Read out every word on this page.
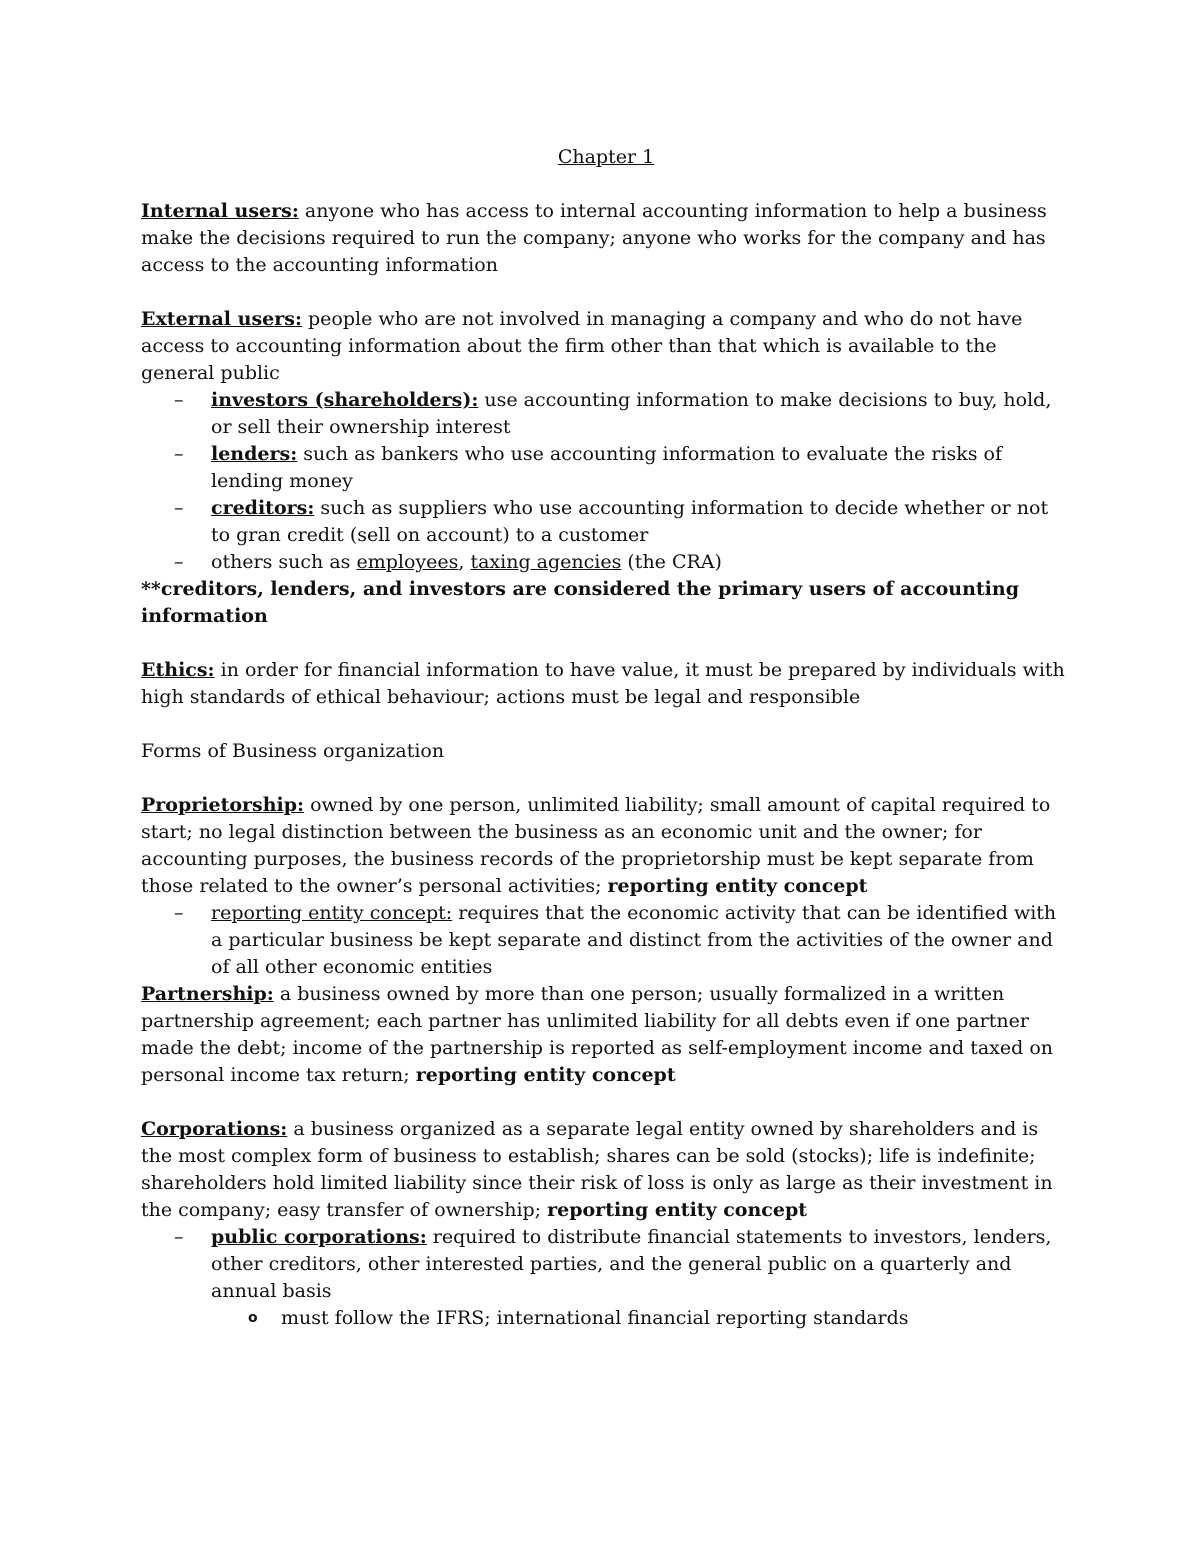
Chapter 1

Internal users: anyone who has access to internal accounting information to help a business make the decisions required to run the company; anyone who works for the company and has access to the accounting information

External users: people who are not involved in managing a company and who do not have access to accounting information about the firm other than that which is available to the general public

– investors (shareholders): use accounting information to make decisions to buy, hold, or sell their ownership interest
– lenders: such as bankers who use accounting information to evaluate the risks of lending money
– creditors: such as suppliers who use accounting information to decide whether or not to gran credit (sell on account) to a customer
– others such as employees, taxing agencies (the CRA)

**creditors, lenders, and investors are considered the primary users of accounting information

Ethics: in order for financial information to have value, it must be prepared by individuals with high standards of ethical behaviour; actions must be legal and responsible

Forms of Business organization

Proprietorship: owned by one person, unlimited liability; small amount of capital required to start; no legal distinction between the business as an economic unit and the owner; for accounting purposes, the business records of the proprietorship must be kept separate from those related to the owner’s personal activities; reporting entity concept

– reporting entity concept: requires that the economic activity that can be identified with a particular business be kept separate and distinct from the activities of the owner and of all other economic entities

Partnership: a business owned by more than one person; usually formalized in a written partnership agreement; each partner has unlimited liability for all debts even if one partner made the debt; income of the partnership is reported as self-employment income and taxed on personal income tax return; reporting entity concept

Corporations: a business organized as a separate legal entity owned by shareholders and is the most complex form of business to establish; shares can be sold (stocks); life is indefinite; shareholders hold limited liability since their risk of loss is only as large as their investment in the company; easy transfer of ownership; reporting entity concept

– public corporations: required to distribute financial statements to investors, lenders, other creditors, other interested parties, and the general public on a quarterly and annual basis
o must follow the IFRS; international financial reporting standards
